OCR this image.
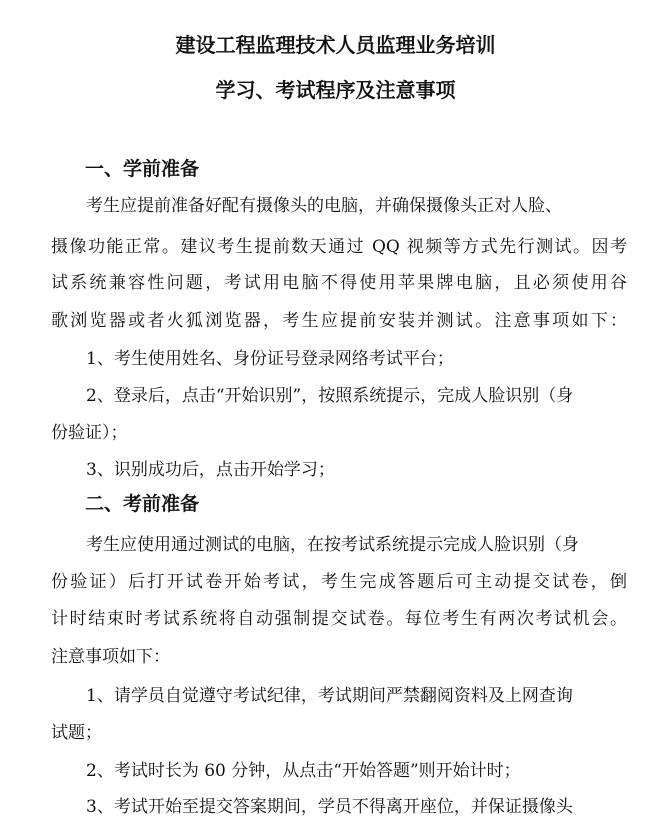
建设工程监理技术人员监理业务培训
学习、考试程序及注意事项
一、学前准备

考生应提前准备好配有摄像头的电脑，并确保摄像头正对人脸、

摄像功能正常。建议考生提前数天通过 QQ 视频等方式先行测试。因考

试系统兼容性问题，考试用电脑不得使用苹果牌电脑，且必须使用谷

歌浏览器或者火狐浏览器，考生应提前安装并测试。注意事项如下：

1、考生使用姓名、身份证号登录网络考试平台；

2、登录后，点击“开始识别”，按照系统提示，完成人脸识别（身

份验证）；

3、识别成功后，点击开始学习；

二、考前准备

考生应使用通过测试的电脑，在按考试系统提示完成人脸识别（身

份验证）后打开试卷开始考试，考生完成答题后可主动提交试卷，倒

计时结束时考试系统将自动强制提交试卷。每位考生有两次考试机会。

注意事项如下：

1、请学员自觉遵守考试纪律，考试期间严禁翻阅资料及上网查询

试题；

2、考试时长为 60 分钟，从点击“开始答题”则开始计时；

3、考试开始至提交答案期间，学员不得离开座位，并保证摄像头
